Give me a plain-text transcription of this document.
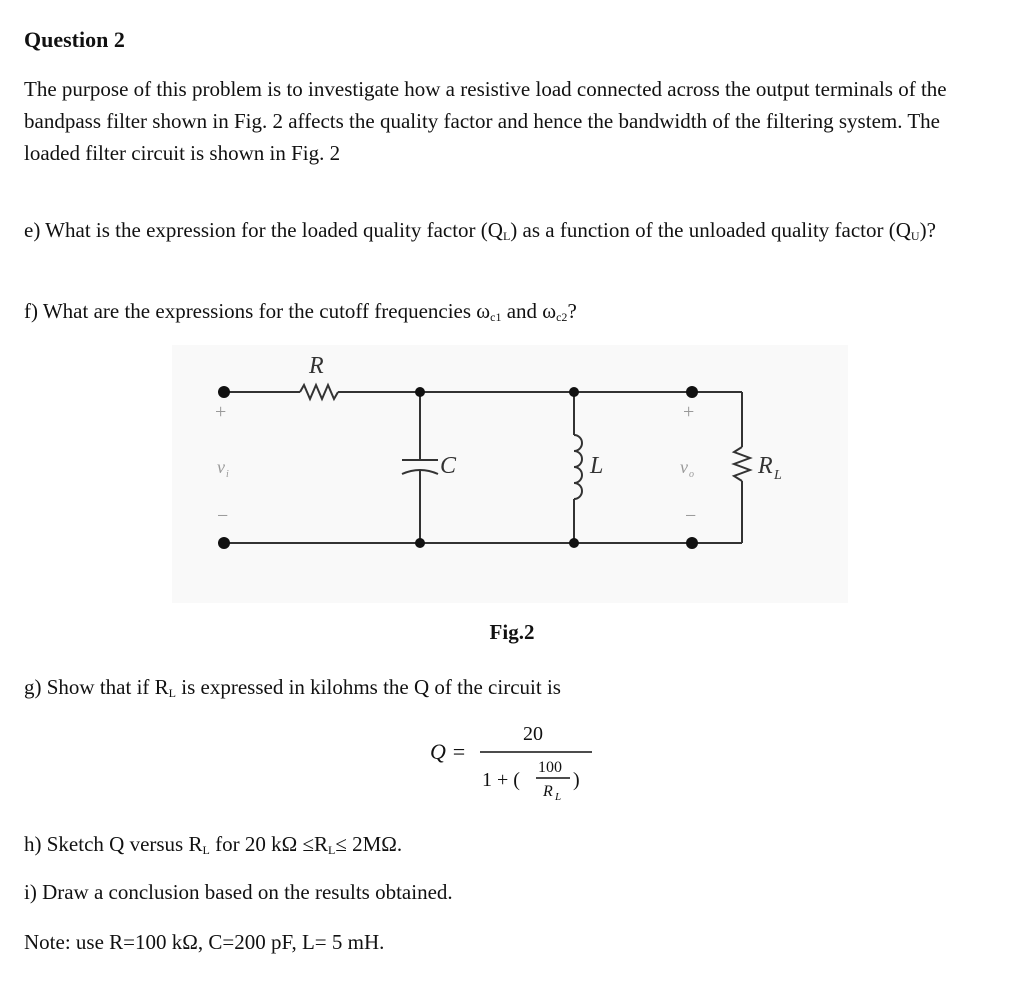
Question 2

The purpose of this problem is to investigate how a resistive load connected across the output terminals of the bandpass filter shown in Fig. 2 affects the quality factor and hence the bandwidth of the filtering system. The loaded filter circuit is shown in Fig. 2

e) What is the expression for the loaded quality factor $(Q_L)$ as a function of the unloaded quality factor $(Q_U)$?

f) What are the expressions for the cutoff frequencies $\omega_{c1}$ and $\omega_{c2}$?

R
C	L	R L
+
v i
−
+
v o
−
Fig.2

g) Show that if $R_L$ is expressed in kilohms the Q of the circuit is

Q =
20
1 + (
100
R L
)

h) Sketch Q versus $R_L$ for 20 $k\Omega \le R_L\le 2M\Omega$.

i) Draw a conclusion based on the results obtained.

Note: use R=100 kΩ, C=200 pF, L= 5 mH.
